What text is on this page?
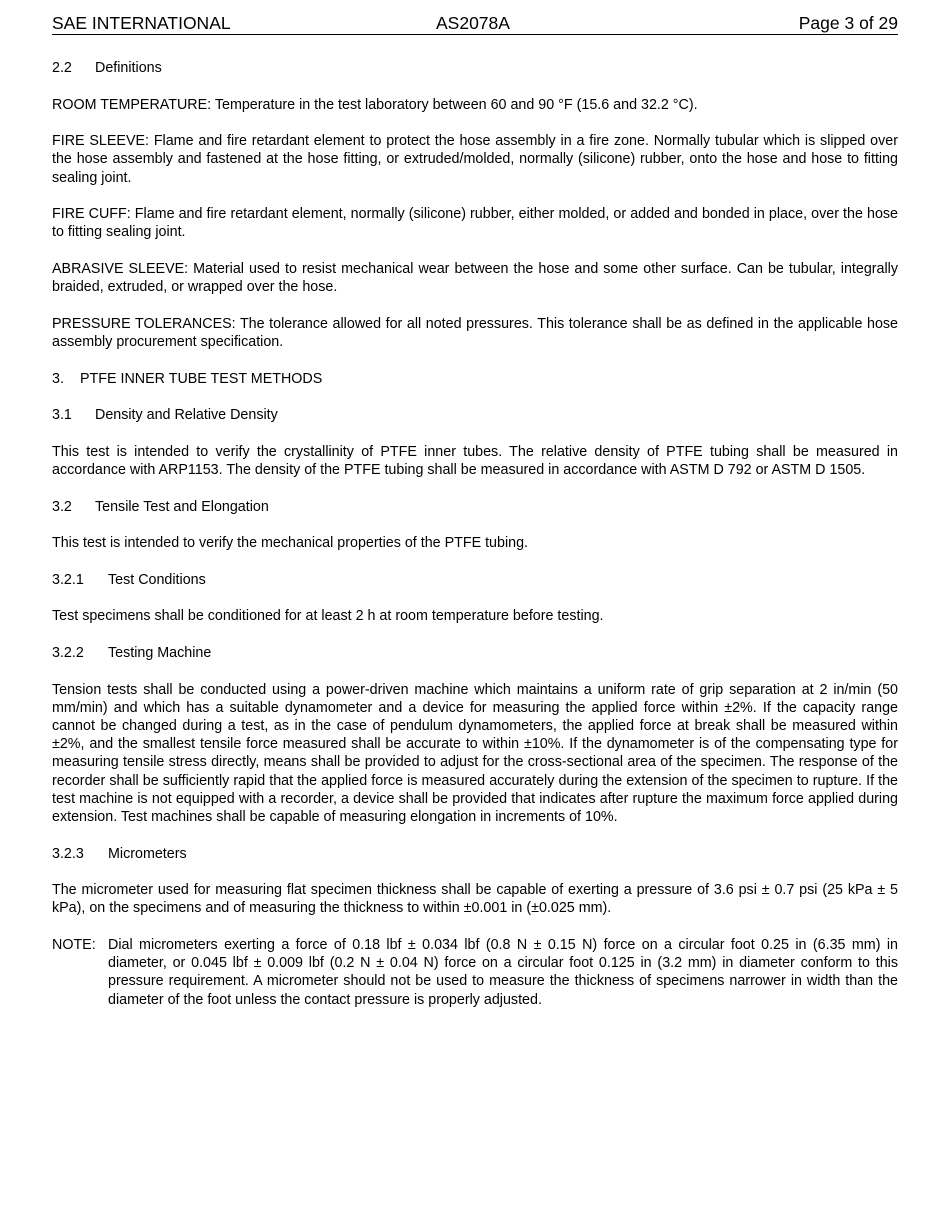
SAE INTERNATIONAL	AS2078A	Page 3 of 29

2.2 Definitions

ROOM TEMPERATURE: Temperature in the test laboratory between 60 and 90 °F (15.6 and 32.2 °C).

FIRE SLEEVE: Flame and fire retardant element to protect the hose assembly in a fire zone. Normally tubular which is slipped over the hose assembly and fastened at the hose fitting, or extruded/molded, normally (silicone) rubber, onto the hose and hose to fitting sealing joint.

FIRE CUFF: Flame and fire retardant element, normally (silicone) rubber, either molded, or added and bonded in place, over the hose to fitting sealing joint.

ABRASIVE SLEEVE: Material used to resist mechanical wear between the hose and some other surface. Can be tubular, integrally braided, extruded, or wrapped over the hose.

PRESSURE TOLERANCES: The tolerance allowed for all noted pressures. This tolerance shall be as defined in the applicable hose assembly procurement specification.

3. PTFE INNER TUBE TEST METHODS

3.1 Density and Relative Density

This test is intended to verify the crystallinity of PTFE inner tubes. The relative density of PTFE tubing shall be measured in accordance with ARP1153. The density of the PTFE tubing shall be measured in accordance with ASTM D 792 or ASTM D 1505.

3.2 Tensile Test and Elongation

This test is intended to verify the mechanical properties of the PTFE tubing.

3.2.1 Test Conditions

Test specimens shall be conditioned for at least 2 h at room temperature before testing.

3.2.2 Testing Machine

Tension tests shall be conducted using a power-driven machine which maintains a uniform rate of grip separation at 2 in/min (50 mm/min) and which has a suitable dynamometer and a device for measuring the applied force within ±2%. If the capacity range cannot be changed during a test, as in the case of pendulum dynamometers, the applied force at break shall be measured within ±2%, and the smallest tensile force measured shall be accurate to within ±10%. If the dynamometer is of the compensating type for measuring tensile stress directly, means shall be provided to adjust for the cross-sectional area of the specimen. The response of the recorder shall be sufficiently rapid that the applied force is measured accurately during the extension of the specimen to rupture. If the test machine is not equipped with a recorder, a device shall be provided that indicates after rupture the maximum force applied during extension. Test machines shall be capable of measuring elongation in increments of 10%.

3.2.3 Micrometers

The micrometer used for measuring flat specimen thickness shall be capable of exerting a pressure of 3.6 psi ± 0.7 psi (25 kPa ± 5 kPa), on the specimens and of measuring the thickness to within ±0.001 in (±0.025 mm).

NOTE: Dial micrometers exerting a force of 0.18 lbf ± 0.034 lbf (0.8 N ± 0.15 N) force on a circular foot 0.25 in (6.35 mm) in diameter, or 0.045 lbf ± 0.009 lbf (0.2 N ± 0.04 N) force on a circular foot 0.125 in (3.2 mm) in diameter conform to this pressure requirement. A micrometer should not be used to measure the thickness of specimens narrower in width than the diameter of the foot unless the contact pressure is properly adjusted.
